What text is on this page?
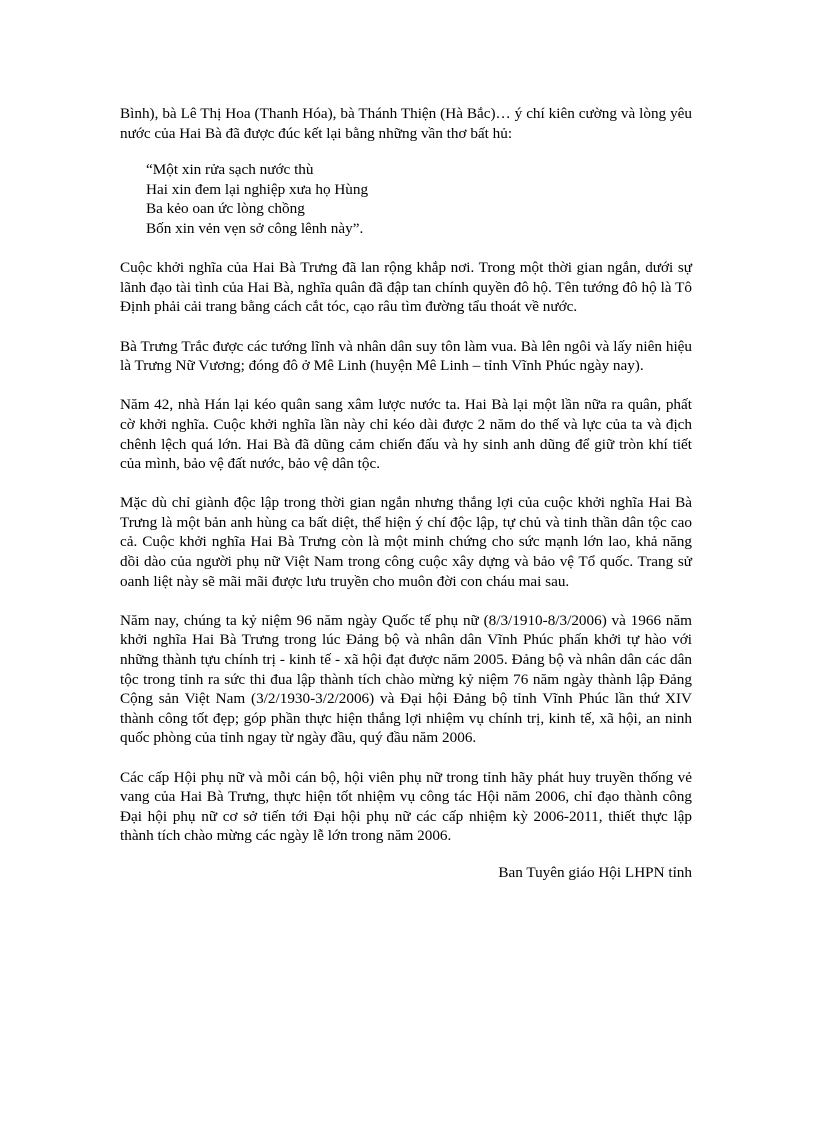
Bình), bà Lê Thị Hoa (Thanh Hóa), bà Thánh Thiện (Hà Bắc)… ý chí kiên cường và lòng yêu nước của Hai Bà đã được đúc kết lại bằng những vần thơ bất hủ:

“Một xin rửa sạch nước thù
Hai xin đem lại nghiệp xưa họ Hùng
Ba kẻo oan ức lòng chồng
Bốn xin vẻn vẹn sở công lênh này”.

Cuộc khởi nghĩa của Hai Bà Trưng đã lan rộng khắp nơi. Trong một thời gian ngắn, dưới sự lãnh đạo tài tình của Hai Bà, nghĩa quân đã đập tan chính quyền đô hộ. Tên tướng đô hộ là Tô Định phải cải trang bằng cách cắt tóc, cạo râu tìm đường tẩu thoát về nước.

Bà Trưng Trắc được các tướng lĩnh và nhân dân suy tôn làm vua. Bà lên ngôi và lấy niên hiệu là Trưng Nữ Vương; đóng đô ở Mê Linh (huyện Mê Linh – tỉnh Vĩnh Phúc ngày nay).

Năm 42, nhà Hán lại kéo quân sang xâm lược nước ta. Hai Bà lại một lần nữa ra quân, phất cờ khởi nghĩa. Cuộc khởi nghĩa lần này chỉ kéo dài được 2 năm do thế và lực của ta và địch chênh lệch quá lớn. Hai Bà đã dũng cảm chiến đấu và hy sinh anh dũng để giữ tròn khí tiết của mình, bảo vệ đất nước, bảo vệ dân tộc.

Mặc dù chỉ giành độc lập trong thời gian ngắn nhưng thắng lợi của cuộc khởi nghĩa Hai Bà Trưng là một bản anh hùng ca bất diệt, thể hiện ý chí độc lập, tự chủ và tinh thần dân tộc cao cả. Cuộc khởi nghĩa Hai Bà Trưng còn là một minh chứng cho sức mạnh lớn lao, khả năng dồi dào của người phụ nữ Việt Nam trong công cuộc xây dựng và bảo vệ Tổ quốc. Trang sử oanh liệt này sẽ mãi mãi được lưu truyền cho muôn đời con cháu mai sau.

Năm nay, chúng ta kỷ niệm 96 năm ngày Quốc tế phụ nữ (8/3/1910-8/3/2006) và 1966 năm khởi nghĩa Hai Bà Trưng trong lúc Đảng bộ và nhân dân Vĩnh Phúc phấn khởi tự hào với những thành tựu chính trị - kinh tế - xã hội đạt được năm 2005. Đảng bộ và nhân dân các dân tộc trong tỉnh ra sức thi đua lập thành tích chào mừng kỷ niệm 76 năm ngày thành lập Đảng Cộng sản Việt Nam (3/2/1930-3/2/2006) và Đại hội Đảng bộ tỉnh Vĩnh Phúc lần thứ XIV thành công tốt đẹp; góp phần thực hiện thắng lợi nhiệm vụ chính trị, kinh tế, xã hội, an ninh quốc phòng của tỉnh ngay từ ngày đầu, quý đầu năm 2006.

Các cấp Hội phụ nữ và mỗi cán bộ, hội viên phụ nữ trong tỉnh hãy phát huy truyền thống vẻ vang của Hai Bà Trưng, thực hiện tốt nhiệm vụ công tác Hội năm 2006, chỉ đạo thành công Đại hội phụ nữ cơ sở tiến tới Đại hội phụ nữ các cấp nhiệm kỳ 2006-2011, thiết thực lập thành tích chào mừng các ngày lễ lớn trong năm 2006.

Ban Tuyên giáo Hội LHPN tỉnh
